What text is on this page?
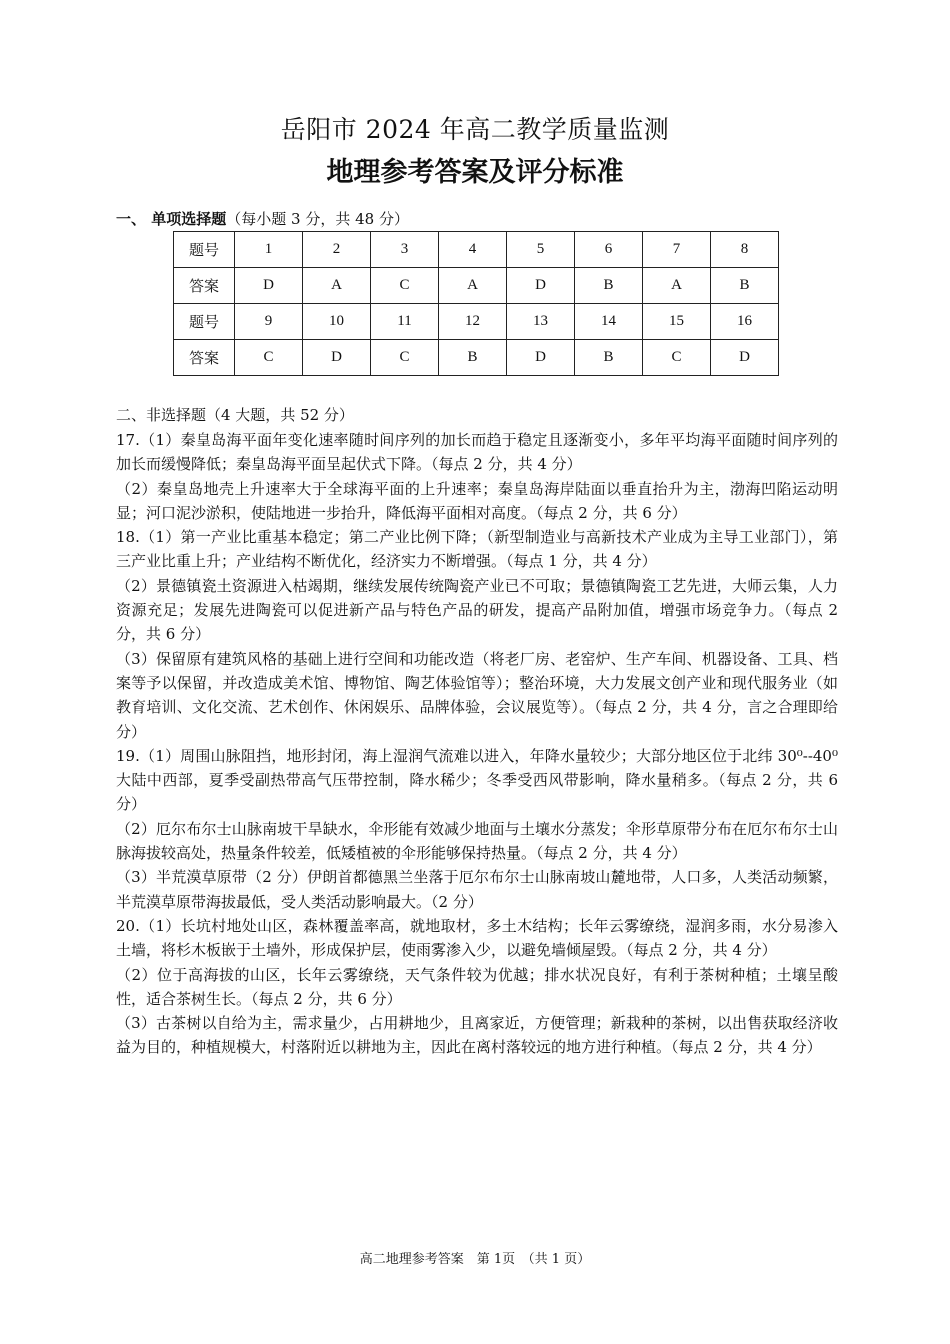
岳阳市 2024 年高二教学质量监测
地理参考答案及评分标准
一、 单项选择题（每小题 3 分，共 48 分）
题号	1	2	3	4	5	6	7	8
答案	D	A	C	A	D	B	A	B
题号	9	10	11	12	13	14	15	16
答案	C	D	C	B	D	B	C	D
二、非选择题（4 大题，共 52 分）

17.（1）秦皇岛海平面年变化速率随时间序列的加长而趋于稳定且逐渐变小，多年平均海平面随时间序列的加长而缓慢降低；秦皇岛海平面呈起伏式下降。（每点 2 分，共 4 分）

（2）秦皇岛地壳上升速率大于全球海平面的上升速率；秦皇岛海岸陆面以垂直抬升为主，渤海凹陷运动明显；河口泥沙淤积，使陆地进一步抬升，降低海平面相对高度。（每点 2 分，共 6 分）

18.（1）第一产业比重基本稳定；第二产业比例下降；（新型制造业与高新技术产业成为主导工业部门），第三产业比重上升；产业结构不断优化，经济实力不断增强。（每点 1 分，共 4 分）

（2）景德镇瓷土资源进入枯竭期，继续发展传统陶瓷产业已不可取；景德镇陶瓷工艺先进，大师云集，人力资源充足；发展先进陶瓷可以促进新产品与特色产品的研发，提高产品附加值，增强市场竞争力。（每点 2 分，共 6 分）

（3）保留原有建筑风格的基础上进行空间和功能改造（将老厂房、老窑炉、生产车间、机器设备、工具、档案等予以保留，并改造成美术馆、博物馆、陶艺体验馆等）；整治环境，大力发展文创产业和现代服务业（如教育培训、文化交流、艺术创作、休闲娱乐、品牌体验，会议展览等）。（每点 2 分，共 4 分，言之合理即给分）

19.（1）周围山脉阻挡，地形封闭，海上湿润气流难以进入，年降水量较少；大部分地区位于北纬 30⁰--40⁰ 大陆中西部，夏季受副热带高气压带控制，降水稀少；冬季受西风带影响，降水量稍多。（每点 2 分，共 6 分）

（2）厄尔布尔士山脉南坡干旱缺水，伞形能有效减少地面与土壤水分蒸发；伞形草原带分布在厄尔布尔士山脉海拔较高处，热量条件较差，低矮植被的伞形能够保持热量。（每点 2 分，共 4 分）

（3）半荒漠草原带（2 分）伊朗首都德黑兰坐落于厄尔布尔士山脉南坡山麓地带，人口多，人类活动频繁，半荒漠草原带海拔最低，受人类活动影响最大。（2 分）

20.（1）长坑村地处山区，森林覆盖率高，就地取材，多土木结构；长年云雾缭绕，湿润多雨，水分易渗入土墙，将杉木板嵌于土墙外，形成保护层，使雨雾渗入少，以避免墙倾屋毁。（每点 2 分，共 4 分）

（2）位于高海拔的山区，长年云雾缭绕，天气条件较为优越；排水状况良好，有利于茶树种植；土壤呈酸性，适合茶树生长。（每点 2 分，共 6 分）

（3）古茶树以自给为主，需求量少，占用耕地少，且离家近，方便管理；新栽种的茶树，以出售获取经济收益为目的，种植规模大，村落附近以耕地为主，因此在离村落较远的地方进行种植。（每点 2 分，共 4 分）

高二地理参考答案　第 1页　（共 1 页）
